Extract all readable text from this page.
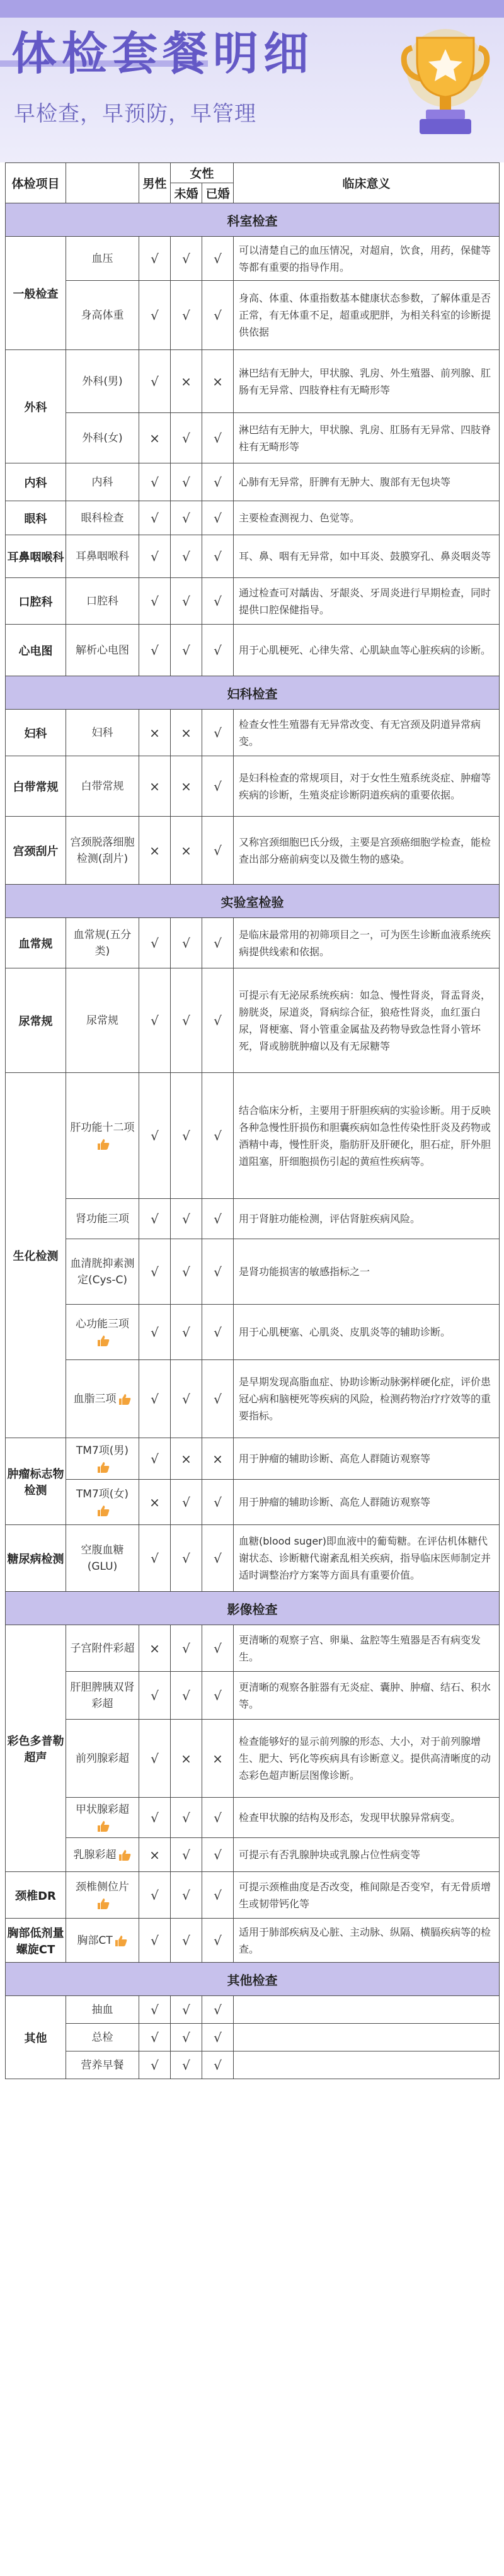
体检套餐明细
早检查，早预防，早管理
体检项目		男性	女性		临床意义
			未婚	已婚	
科室检查					
一般检查	血压	√	√	√	可以清楚自己的血压情况，对超肩，饮食，用药，保健等等都有重要的指导作用。
	身高体重	√	√	√	身高、体重、体重指数基本健康状态参数，了解体重是否正常，有无体重不足，超重或肥胖，为相关科室的诊断提供依据
外科	外科(男)	√	×	×	淋巴结有无肿大，甲状腺、乳房、外生殖器、前列腺、肛肠有无异常、四肢脊柱有无畸形等
	外科(女)	×	√	√	淋巴结有无肿大，甲状腺、乳房、肛肠有无异常、四肢脊柱有无畸形等
内科	内科	√	√	√	心肺有无异常，肝脾有无肿大、腹部有无包块等
眼科	眼科检查	√	√	√	主要检查测视力、色觉等。
耳鼻咽喉科	耳鼻咽喉科	√	√	√	耳、鼻、咽有无异常，如中耳炎、鼓膜穿孔、鼻炎咽炎等
口腔科	口腔科	√	√	√	通过检查可对龋齿、牙龈炎、牙周炎进行早期检查，同时提供口腔保健指导。
心电图	解析心电图	√	√	√	用于心肌梗死、心律失常、心肌缺血等心脏疾病的诊断。
妇科检查					
妇科	妇科	×	×	√	检查女性生殖器有无异常改变、有无宫颈及阴道异常病变。
白带常规	白带常规	×	×	√	是妇科检查的常规项目，对于女性生殖系统炎症、肿瘤等疾病的诊断，生殖炎症诊断阴道疾病的重要依据。
宫颈刮片	宫颈脱落细胞检测(刮片)	×	×	√	又称宫颈细胞巴氏分级，主要是宫颈癌细胞学检查，能检查出部分癌前病变以及微生物的感染。
实验室检验					
血常规	血常规(五分类)	√	√	√	是临床最常用的初筛项目之一，可为医生诊断血液系统疾病提供线索和依据。
尿常规	尿常规	√	√	√	可提示有无泌尿系统疾病：如急、慢性肾炎，肾盂肾炎，膀胱炎，尿道炎，肾病综合征，狼疮性肾炎，血红蛋白尿，肾梗塞、肾小管重金属盐及药物导致急性肾小管坏死，肾或膀胱肿瘤以及有无尿糖等
生化检测	肝功能十二项	√	√	√	结合临床分析，主要用于肝胆疾病的实验诊断。用于反映各种急慢性肝损伤和胆囊疾病如急性传染性肝炎及药物或酒精中毒，慢性肝炎，脂肪肝及肝硬化，胆石症，肝外胆道阻塞，肝细胞损伤引起的黄疸性疾病等。
	肾功能三项	√	√	√	用于肾脏功能检测，评估肾脏疾病风险。
	血清胱抑素测定(Cys-C)	√	√	√	是肾功能损害的敏感指标之一
	心功能三项	√	√	√	用于心肌梗塞、心肌炎、皮肌炎等的辅助诊断。
	血脂三项	√	√	√	是早期发现高脂血症、协助诊断动脉粥样硬化症，评价患冠心病和脑梗死等疾病的风险，检测药物治疗疗效等的重要指标。
肿瘤标志物检测	TM7项(男)	√	×	×	用于肿瘤的辅助诊断、高危人群随访观察等
	TM7项(女)	×	√	√	用于肿瘤的辅助诊断、高危人群随访观察等
糖尿病检测	空腹血糖(GLU)	√	√	√	血糖(blood suger)即血液中的葡萄糖。在评估机体糖代谢状态、诊断糖代谢紊乱相关疾病，指导临床医师制定并适时调整治疗方案等方面具有重要价值。
影像检查					
彩色多普勒超声	子宫附件彩超	×	√	√	更清晰的观察子宫、卵巢、盆腔等生殖器是否有病变发生。
	肝胆脾胰双肾彩超	√	√	√	更清晰的观察各脏器有无炎症、囊肿、肿瘤、结石、积水等。
	前列腺彩超	√	×	×	检查能够好的显示前列腺的形态、大小，对于前列腺增生、肥大、钙化等疾病具有诊断意义。提供高清晰度的动态彩色超声断层图像诊断。
	甲状腺彩超	√	√	√	检查甲状腺的结构及形态，发现甲状腺异常病变。
	乳腺彩超	×	√	√	可提示有否乳腺肿块或乳腺占位性病变等
颈椎DR	颈椎侧位片	√	√	√	可提示颈椎曲度是否改变，椎间隙是否变窄，有无骨质增生或韧带钙化等
胸部低剂量螺旋CT	胸部CT	√	√	√	适用于肺部疾病及心脏、主动脉、纵隔、横膈疾病等的检查。
其他检查					
其他	抽血	√	√	√	
	总检	√	√	√	
	营养早餐	√	√	√	
